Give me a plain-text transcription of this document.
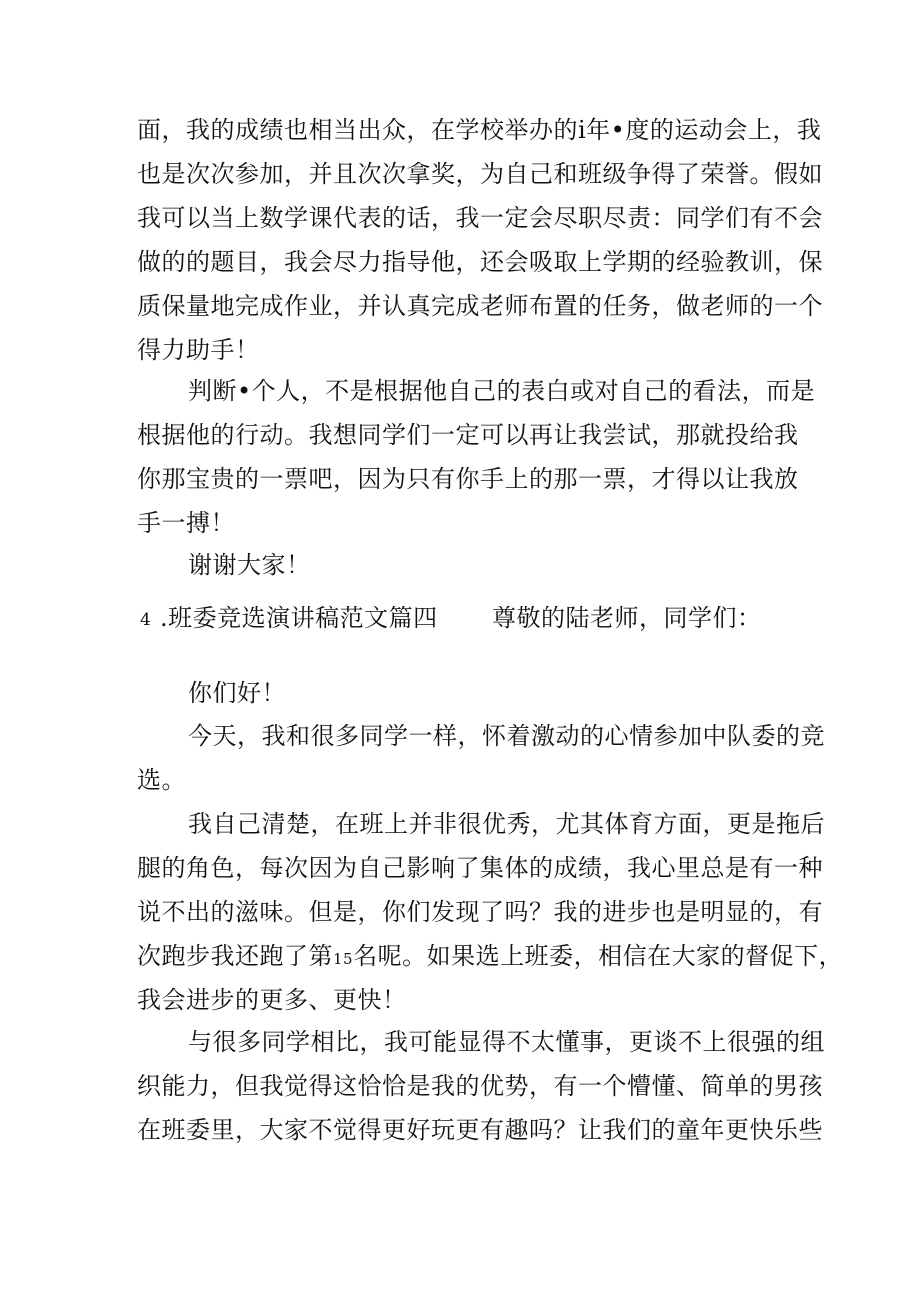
面，我的成绩也相当出众，在学校举办的i年•度的运动会上，我
也是次次参加，并且次次拿奖，为自己和班级争得了荣誉。假如
我可以当上数学课代表的话，我一定会尽职尽责：同学们有不会
做的的题目，我会尽力指导他，还会吸取上学期的经验教训，保
质保量地完成作业，并认真完成老师布置的任务，做老师的一个
得力助手！
判断•个人，不是根据他自己的表白或对自己的看法，而是
根据他的行动。我想同学们一定可以再让我尝试，那就投给我
你那宝贵的一票吧，因为只有你手上的那一票，才得以让我放
手一搏！
谢谢大家！
4 .班委竞选演讲稿范文篇四 尊敬的陆老师，同学们：
你们好！
今天，我和很多同学一样，怀着激动的心情参加中队委的竞
选。
我自己清楚，在班上并非很优秀，尤其体育方面，更是拖后
腿的角色，每次因为自己影响了集体的成绩，我心里总是有一种
说不出的滋味。但是，你们发现了吗？我的进步也是明显的，有
次跑步我还跑了第15名呢。如果选上班委，相信在大家的督促下，
我会进步的更多、更快！
与很多同学相比，我可能显得不太懂事，更谈不上很强的组
织能力，但我觉得这恰恰是我的优势，有一个懵懂、简单的男孩
在班委里，大家不觉得更好玩更有趣吗？让我们的童年更快乐些
